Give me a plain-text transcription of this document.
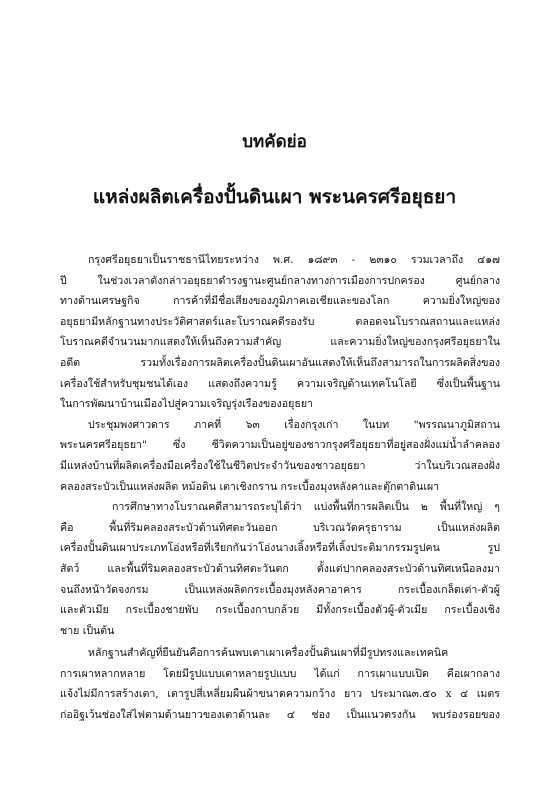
บทคัดย่อ
แหล่งผลิตเครื่องปั้นดินเผา พระนครศรีอยุธยา
กรุงศรีอยุธยาเป็นราชธานีไทยระหว่าง พ.ศ. ๑๘๙๓ - ๒๓๑๐ รวมเวลาถึง ๔๑๗
ปี ในช่วงเวลาดังกล่าวอยุธยาดำรงฐานะศูนย์กลางทางการเมืองการปกครอง ศูนย์กลาง
ทางด้านเศรษฐกิจ การค้าที่มีชื่อเสียงของภูมิภาคเอเชียและของโลก ความยิ่งใหญ่ของ
อยุธยามีหลักฐานทางประวัติศาสตร์และโบราณคดีรองรับ ตลอดจนโบราณสถานและแหล่ง
โบราณคดีจำนวนมากแสดงให้เห็นถึงความสำคัญ และความยิ่งใหญ่ของกรุงศรีอยุธยาใน
อดีต รวมทั้งเรื่องการผลิตเครื่องปั้นดินเผาอันแสดงให้เห็นถึงสามารถในการผลิตสิ่งของ
เครื่องใช้สำหรับชุมชนได้เอง แสดงถึงความรู้ ความเจริญด้านเทคโนโลยี ซึ่งเป็นพื้นฐาน
ในการพัฒนาบ้านเมืองไปสู่ความเจริญรุ่งเรืองของอยุธยา
ประชุมพงศาวดาร ภาคที่ ๖๓ เรื่องกรุงเก่า ในบท "พรรณนาภูมิสถาน
พระนครศรีอยุธยา" ซึ่ง ชีวิตความเป็นอยู่ของชาวกรุงศรีอยุธยาที่อยู่สองฝั่งแม่น้ำลำคลอง
มีแหล่งบ้านที่ผลิตเครื่องมือเครื่องใช้ในชีวิตประจำวันของชาวอยุธยา ว่าในบริเวณสองฝั่ง
คลองสระบัวเป็นแหล่งผลิต หม้อดิน เตาเชิงกราน กระเบื้องมุงหลังคาและตุ๊กตาดินเผา
การศึกษาทางโบราณคดีสามารถระบุได้ว่า แบ่งพื้นที่การผลิตเป็น ๒ พื้นที่ใหญ่ ๆ
คือ พื้นที่ริมคลองสระบัวด้านทิศตะวันออก บริเวณวัดครุธาราม เป็นแหล่งผลิต
เครื่องปั้นดินเผาประเภทโอ่งหรือที่เรียกกันว่าโอ่งนางเลิ้งหรือที่เลิ้งประติมากรรมรูปคน รูป
สัตว์ และพื้นที่ริมคลองสระบัวด้านทิศตะวันตก ตั้งแต่ปากคลองสระบัวด้านทิศเหนือลงมา
จนถึงหน้าวัดจงกรม เป็นแหล่งผลิตกระเบื้องมุงหลังคาอาคาร กระเบื้องเกล็ดเต่า-ตัวผู้
และตัวเมีย กระเบื้องชายพับ กระเบื้องกาบกล้วย มีทั้งกระเบื้องตัวผู้-ตัวเมีย กระเบื้องเชิง
ชาย เป็นต้น
หลักฐานสำคัญที่ยืนยันคือการค้นพบเตาเผาเครื่องปั้นดินเผาที่มีรูปทรงและเทคนิค
การเผาหลากหลาย โดยมีรูปแบบเตาหลายรูปแบบ ได้แก่ การเผาแบบเปิด คือเผากลาง
แจ้งไม่มีการสร้างเตา, เตารูปสี่เหลี่ยมผืนผ้าขนาดความกว้าง ยาว ประมาณ๓.๕๐ x ๔ เมตร
ก่ออิฐเว้นช่องใส่ไฟตามด้านยาวของเตาด้านละ ๔ ช่อง เป็นแนวตรงกัน พบร่องรอยของ
